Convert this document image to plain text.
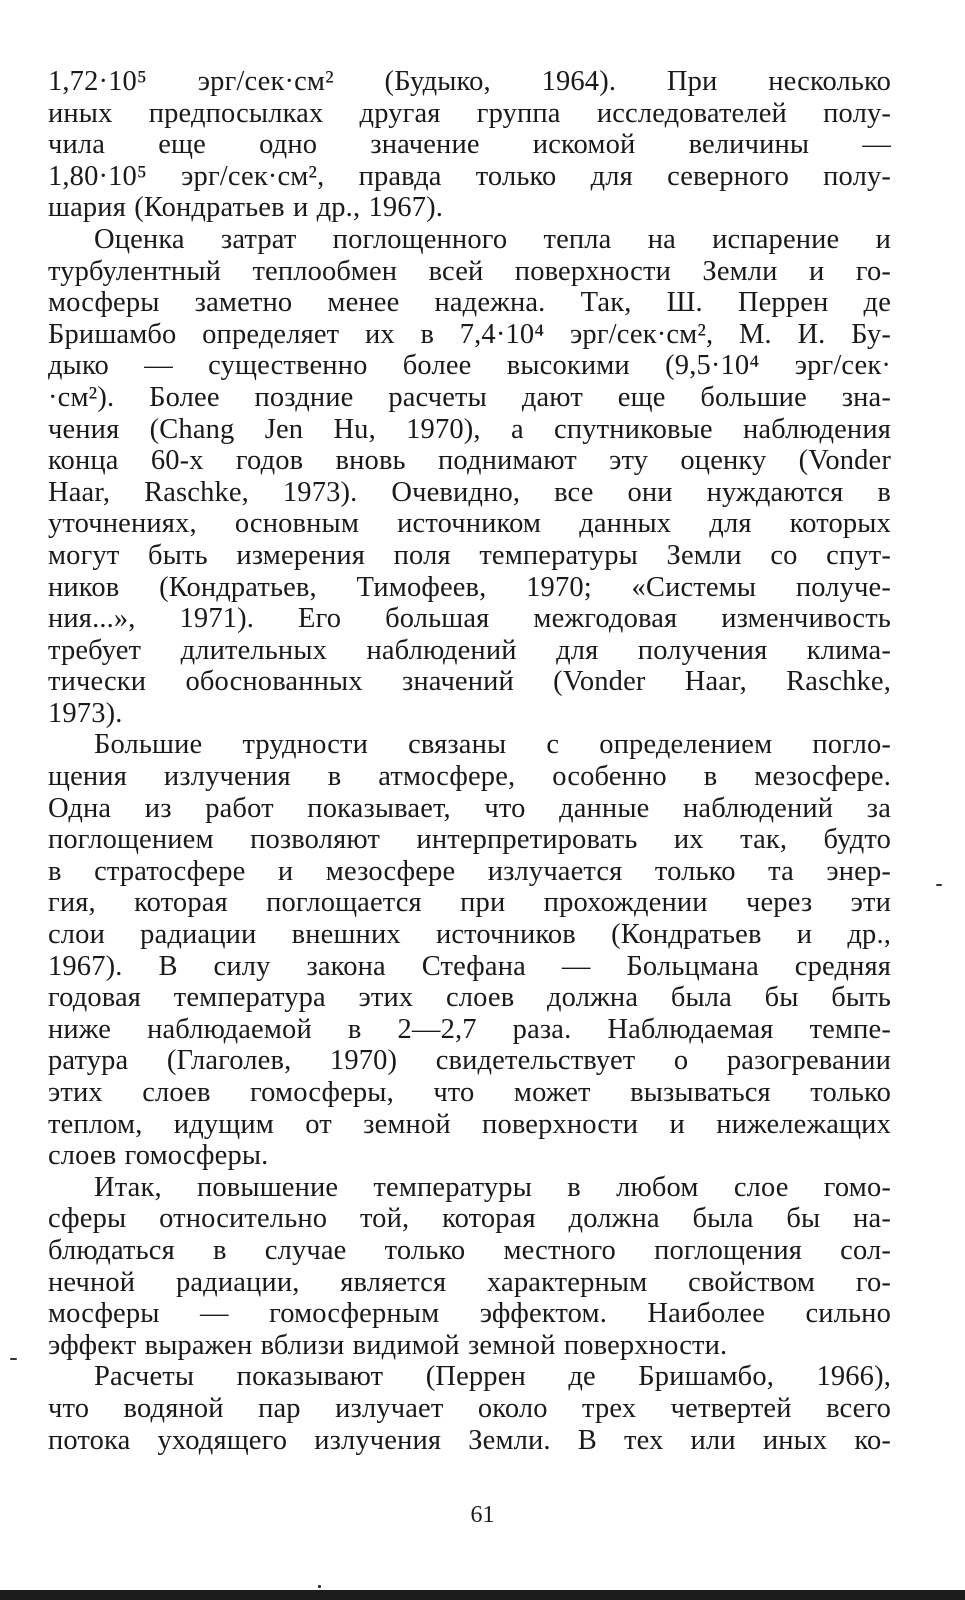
1,72·10⁵ эрг/сек·см² (Будыко, 1964). При несколько
иных предпосылках другая группа исследователей полу-
чила еще одно значение искомой величины —
1,80·10⁵ эрг/сек·см², правда только для северного полу-
шария (Кондратьев и др., 1967).
Оценка затрат поглощенного тепла на испарение и
турбулентный теплообмен всей поверхности Земли и го-
мосферы заметно менее надежна. Так, Ш. Перрен де
Бришамбо определяет их в 7,4·10⁴ эрг/сек·см², М. И. Бу-
дыко — существенно более высокими (9,5·10⁴ эрг/сек·
·см²). Более поздние расчеты дают еще большие зна-
чения (Chang Jen Hu, 1970), а спутниковые наблюдения
конца 60-х годов вновь поднимают эту оценку (Vonder
Haar, Raschke, 1973). Очевидно, все они нуждаются в
уточнениях, основным источником данных для которых
могут быть измерения поля температуры Земли со спут-
ников (Кондратьев, Тимофеев, 1970; «Системы получе-
ния...», 1971). Его большая межгодовая изменчивость
требует длительных наблюдений для получения клима-
тически обоснованных значений (Vonder Haar, Raschke,
1973).
Большие трудности связаны с определением погло-
щения излучения в атмосфере, особенно в мезосфере.
Одна из работ показывает, что данные наблюдений за
поглощением позволяют интерпретировать их так, будто
в стратосфере и мезосфере излучается только та энер-
гия, которая поглощается при прохождении через эти
слои радиации внешних источников (Кондратьев и др.,
1967). В силу закона Стефана — Больцмана средняя
годовая температура этих слоев должна была бы быть
ниже наблюдаемой в 2—2,7 раза. Наблюдаемая темпе-
ратура (Глаголев, 1970) свидетельствует о разогревании
этих слоев гомосферы, что может вызываться только
теплом, идущим от земной поверхности и нижележащих
слоев гомосферы.
Итак, повышение температуры в любом слое гомо-
сферы относительно той, которая должна была бы на-
блюдаться в случае только местного поглощения сол-
нечной радиации, является характерным свойством го-
мосферы — гомосферным эффектом. Наиболее сильно
эффект выражен вблизи видимой земной поверхности.
Расчеты показывают (Перрен де Бришамбо, 1966),
что водяной пар излучает около трех четвертей всего
потока уходящего излучения Земли. В тех или иных ко-
61
